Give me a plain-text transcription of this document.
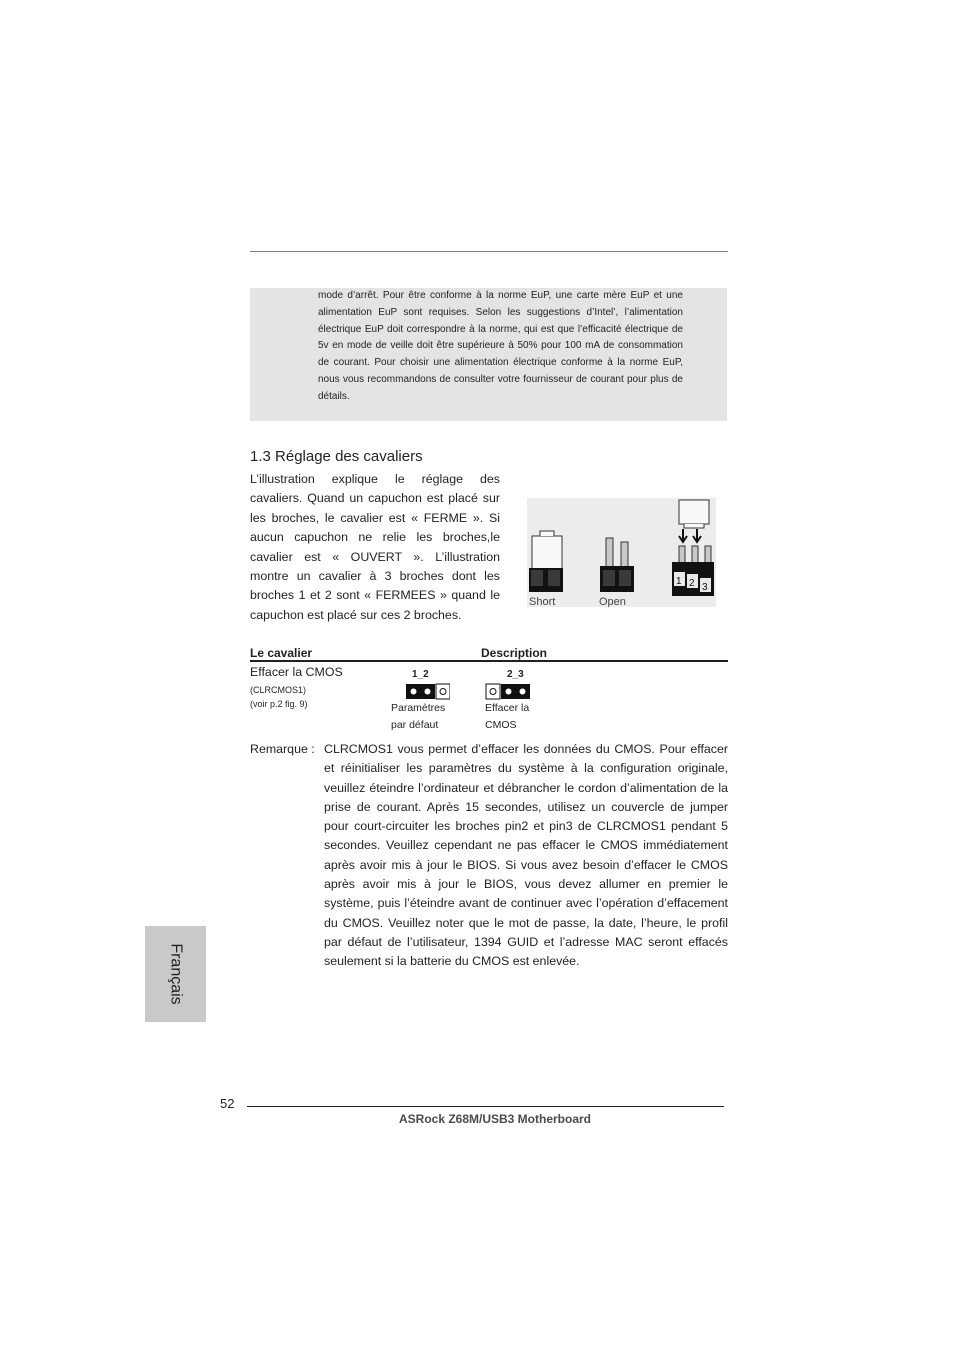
mode d’arrêt. Pour être conforme à la norme EuP, une carte mère EuP et une alimentation EuP sont requises. Selon les suggestions d’Intel’, l’alimentation électrique EuP doit correspondre à la norme, qui est que l’efficacité électrique de 5v en mode de veille doit être supérieure à 50% pour 100 mA de consommation de courant. Pour choisir une alimentation électrique conforme à la norme EuP, nous vous recommandons de consulter votre fournisseur de courant pour plus de détails.
1.3 Réglage des cavaliers
L’illustration explique le réglage des cavaliers. Quand un capuchon est placé sur les broches, le cavalier est « FERME ». Si aucun capuchon ne relie les broches,le cavalier est « OUVERT ». L’illustration montre un cavalier à 3 broches dont les broches 1 et 2 sont « FERMEES » quand le capuchon est placé sur ces 2 broches.
Short	Open
1 2 3
Le cavalier	Description
Effacer la CMOS
(CLRCMOS1)
(voir p.2 fig. 9)
1_2
Paramètres
par défaut
2_3
Effacer la
CMOS
Remarque : CLRCMOS1 vous permet d’effacer les données du CMOS. Pour effacer et réinitialiser les paramètres du système à la configuration originale, veuillez éteindre l’ordinateur et débrancher le cordon d’alimentation de la prise de courant. Après 15 secondes, utilisez un couvercle de jumper pour court-circuiter les broches pin2 et pin3 de CLRCMOS1 pendant 5 secondes. Veuillez cependant ne pas effacer le CMOS immédiatement après avoir mis à jour le BIOS. Si vous avez besoin d’effacer le CMOS après avoir mis à jour le BIOS, vous devez allumer en premier le système, puis l’éteindre avant de continuer avec l’opération d’effacement du CMOS. Veuillez noter que le mot de passe, la date, l’heure, le profil par défaut de l’utilisateur, 1394 GUID et l’adresse MAC seront effacés seulement si la batterie du CMOS est enlevée.
Français
52
ASRock Z68M/USB3 Motherboard
